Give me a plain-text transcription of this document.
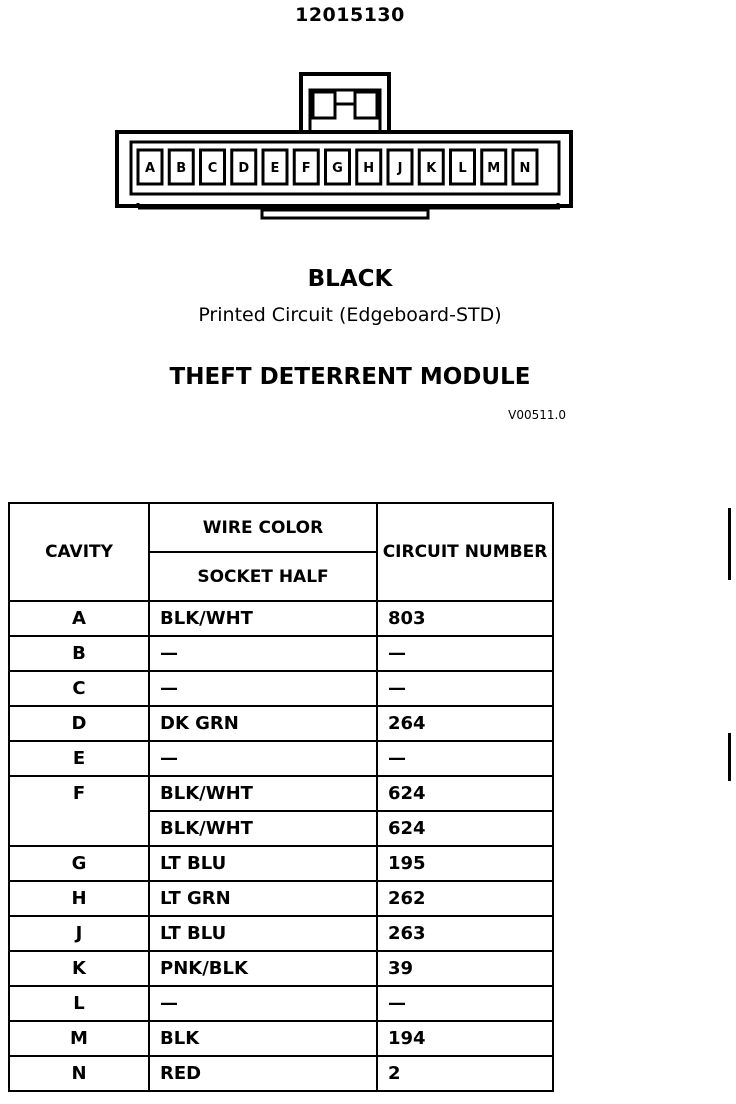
12015130
A B C D E F G H J K L M N
BLACK
Printed Circuit (Edgeboard-STD)
THEFT DETERRENT MODULE
V00511.0
CAVITY	WIRE COLOR	CIRCUIT NUMBER
	SOCKET HALF	
A	BLK/WHT	803
B	—	—
C	—	—
D	DK GRN	264
E	—	—
F	BLK/WHT	624
	BLK/WHT	624
G	LT BLU	195
H	LT GRN	262
J	LT BLU	263
K	PNK/BLK	39
L	—	—
M	BLK	194
N	RED	2
